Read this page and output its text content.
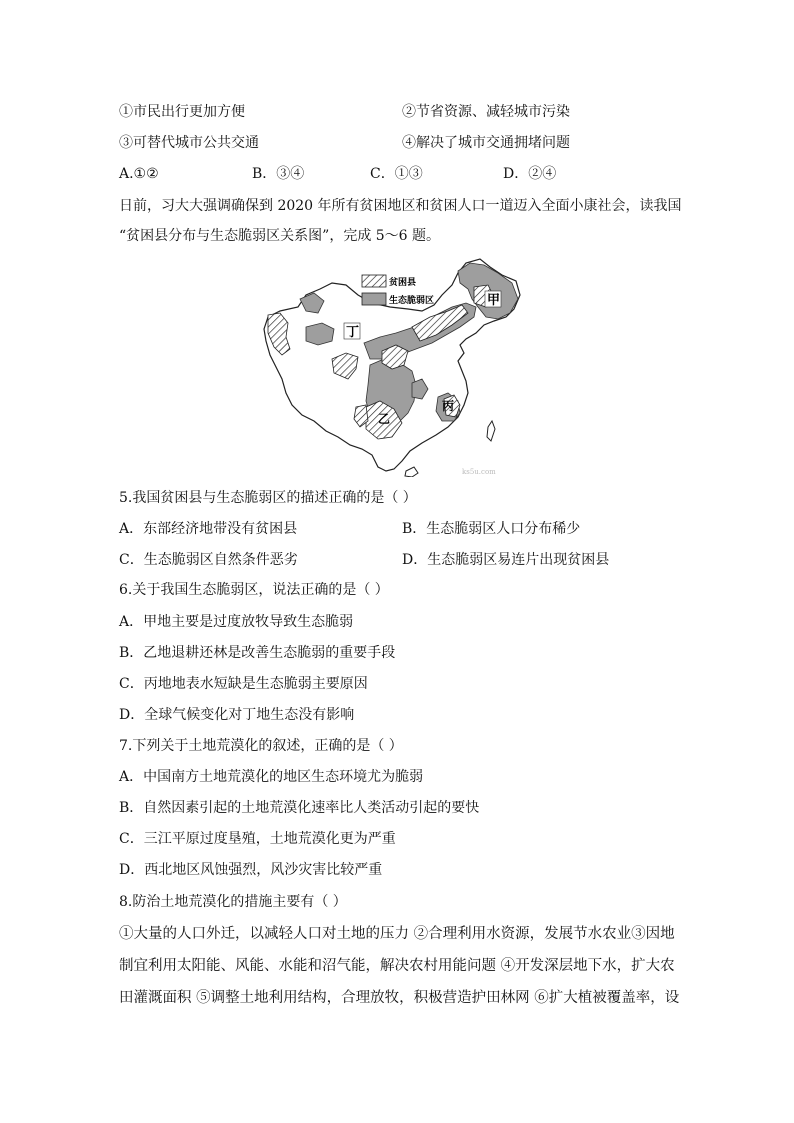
①市民出行更加方便	②节省资源、减轻城市污染
③可替代城市公共交通	④解决了城市交通拥堵问题
A.①②	B．③④	C．①③	D．②④
日前，习大大强调确保到 2020 年所有贫困地区和贫困人口一道迈入全面小康社会，读我国
“贫困县分布与生态脆弱区关系图”，完成 5～6 题。
甲
丁
乙
丙
贫困县
生态脆弱区
ks5u.com
5.我国贫困县与生态脆弱区的描述正确的是（ ）
A．东部经济地带没有贫困县	B．生态脆弱区人口分布稀少
C．生态脆弱区自然条件恶劣	D．生态脆弱区易连片出现贫困县
6.关于我国生态脆弱区，说法正确的是（ ）
A．甲地主要是过度放牧导致生态脆弱
B．乙地退耕还林是改善生态脆弱的重要手段
C．丙地地表水短缺是生态脆弱主要原因
D．全球气候变化对丁地生态没有影响
7.下列关于土地荒漠化的叙述，正确的是（ ）
A．中国南方土地荒漠化的地区生态环境尤为脆弱
B．自然因素引起的土地荒漠化速率比人类活动引起的要快
C．三江平原过度垦殖，土地荒漠化更为严重
D．西北地区风蚀强烈，风沙灾害比较严重
8.防治土地荒漠化的措施主要有（ ）
①大量的人口外迁，以减轻人口对土地的压力 ②合理利用水资源，发展节水农业③因地
制宜利用太阳能、风能、水能和沼气能，解决农村用能问题 ④开发深层地下水，扩大农
田灌溉面积 ⑤调整土地利用结构，合理放牧，积极营造护田林网 ⑥扩大植被覆盖率，设
